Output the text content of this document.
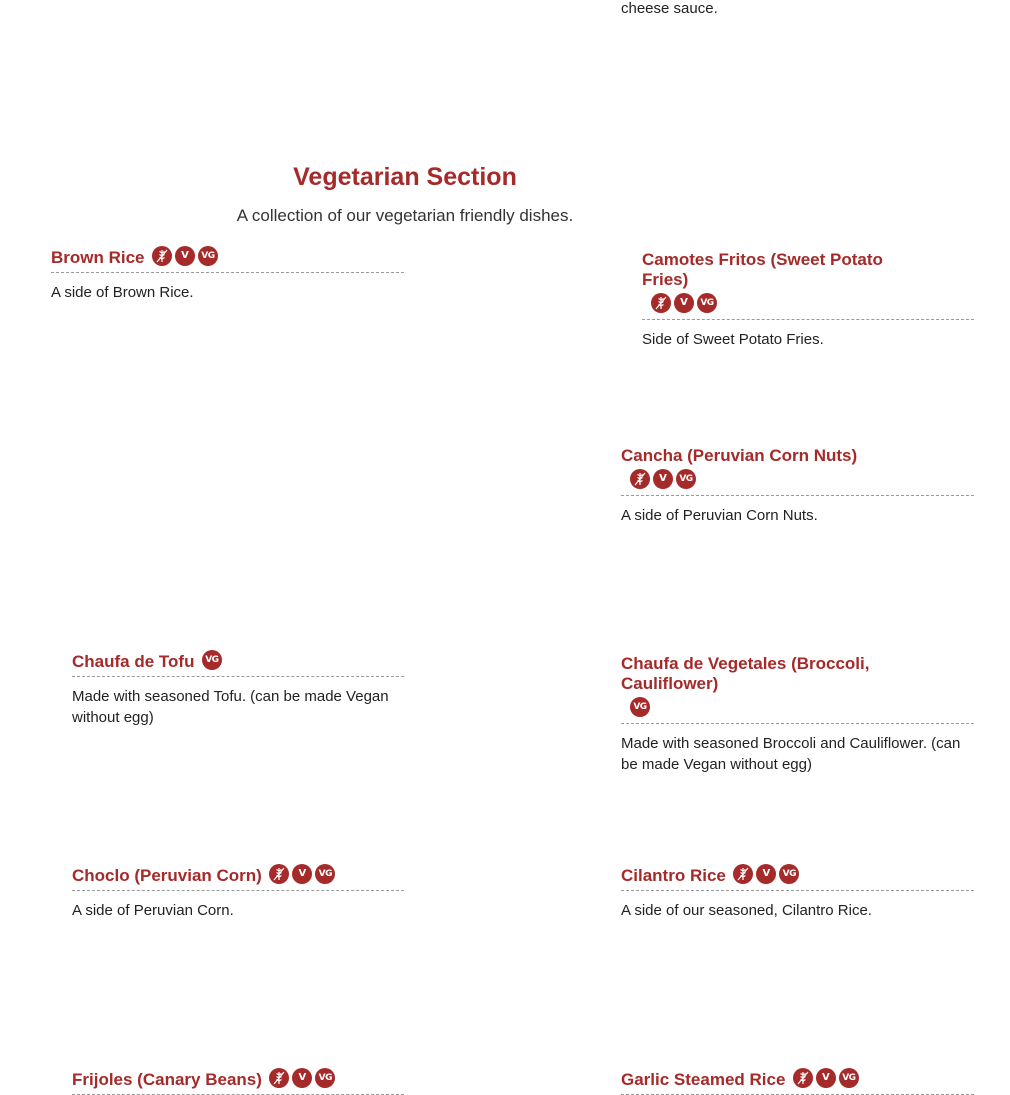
cheese sauce.

Vegetarian Section

A collection of our vegetarian friendly dishes.

Brown Rice	V VG

A side of Brown Rice.

Camotes Fritos (Sweet Potato Fries)
V VG

Side of Sweet Potato Fries.

Cancha (Peruvian Corn Nuts)
V VG

A side of Peruvian Corn Nuts.

Chaufa de Tofu VG

Made with seasoned Tofu. (can be made Vegan without egg)

Chaufa de Vegetales (Broccoli, Cauliflower)
VG

Made with seasoned Broccoli and Cauliflower. (can be made Vegan without egg)

Choclo (Peruvian Corn)	V VG

A side of Peruvian Corn.

Cilantro Rice	V VG

A side of our seasoned, Cilantro Rice.

Frijoles (Canary Beans)	V VG	Garlic Steamed Rice	V VG
